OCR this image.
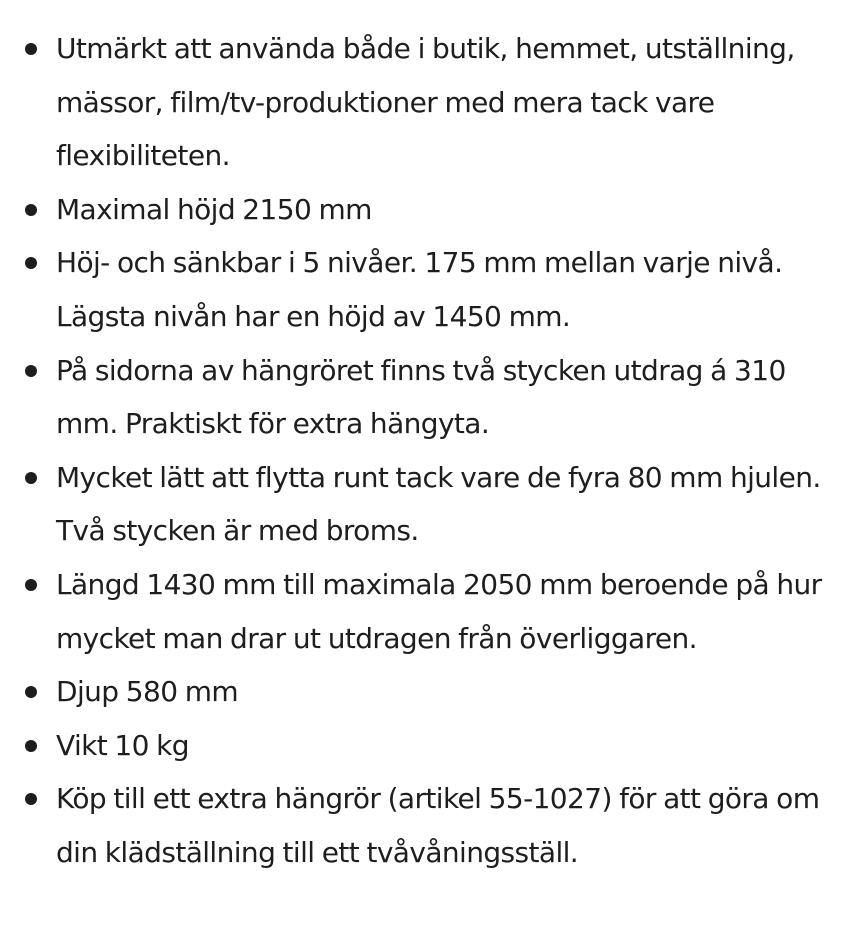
Utmärkt att använda både i butik, hemmet, utställning, mässor, film/tv-produktioner med mera tack vare flexibiliteten.
Maximal höjd 2150 mm
Höj- och sänkbar i 5 nivåer. 175 mm mellan varje nivå. Lägsta nivån har en höjd av 1450 mm.
På sidorna av hängröret finns två stycken utdrag á 310 mm. Praktiskt för extra hängyta.
Mycket lätt att flytta runt tack vare de fyra 80 mm hjulen. Två stycken är med broms.
Längd 1430 mm till maximala 2050 mm beroende på hur mycket man drar ut utdragen från överliggaren.
Djup 580 mm
Vikt 10 kg
Köp till ett extra hängrör (artikel 55-1027) för att göra om din klädställning till ett tvåvåningsställ.
